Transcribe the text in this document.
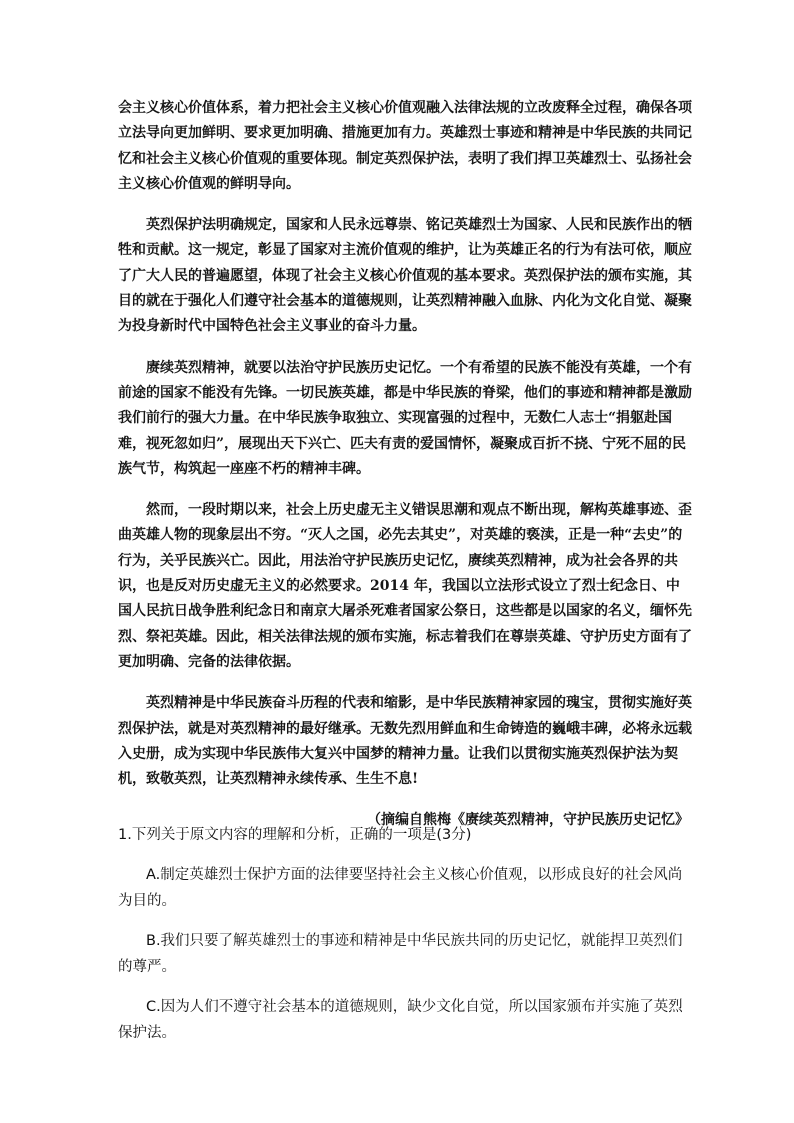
会主义核心价值体系，着力把社会主义核心价值观融入法律法规的立改废释全过程，确保各项立法导向更加鲜明、要求更加明确、措施更加有力。英雄烈士事迹和精神是中华民族的共同记忆和社会主义核心价值观的重要体现。制定英烈保护法，表明了我们捍卫英雄烈士、弘扬社会主义核心价值观的鲜明导向。

英烈保护法明确规定，国家和人民永远尊崇、铭记英雄烈士为国家、人民和民族作出的牺牲和贡献。这一规定，彰显了国家对主流价值观的维护，让为英雄正名的行为有法可依，顺应了广大人民的普遍愿望，体现了社会主义核心价值观的基本要求。英烈保护法的颁布实施，其目的就在于强化人们遵守社会基本的道德规则，让英烈精神融入血脉、内化为文化自觉、凝聚为投身新时代中国特色社会主义事业的奋斗力量。

赓续英烈精神，就要以法治守护民族历史记忆。一个有希望的民族不能没有英雄，一个有前途的国家不能没有先锋。一切民族英雄，都是中华民族的脊梁，他们的事迹和精神都是激励我们前行的强大力量。在中华民族争取独立、实现富强的过程中，无数仁人志士“捐躯赴国难，视死忽如归”，展现出天下兴亡、匹夫有责的爱国情怀，凝聚成百折不挠、宁死不屈的民族气节，构筑起一座座不朽的精神丰碑。

然而，一段时期以来，社会上历史虚无主义错误思潮和观点不断出现，解构英雄事迹、歪曲英雄人物的现象层出不穷。“灭人之国，必先去其史”，对英雄的亵渎，正是一种“去史”的行为，关乎民族兴亡。因此，用法治守护民族历史记忆，赓续英烈精神，成为社会各界的共识，也是反对历史虚无主义的必然要求。2014 年，我国以立法形式设立了烈士纪念日、中国人民抗日战争胜利纪念日和南京大屠杀死难者国家公祭日，这些都是以国家的名义，缅怀先烈、祭祀英雄。因此，相关法律法规的颁布实施，标志着我们在尊崇英雄、守护历史方面有了更加明确、完备的法律依据。

英烈精神是中华民族奋斗历程的代表和缩影，是中华民族精神家园的瑰宝，贯彻实施好英烈保护法，就是对英烈精神的最好继承。无数先烈用鲜血和生命铸造的巍峨丰碑，必将永远载入史册，成为实现中华民族伟大复兴中国梦的精神力量。让我们以贯彻实施英烈保护法为契机，致敬英烈，让英烈精神永续传承、生生不息!

（摘编自熊梅《赓续英烈精神，守护民族历史记忆》

1.下列关于原文内容的理解和分析，正确的一项是(3分)

A.制定英雄烈士保护方面的法律要坚持社会主义核心价值观，以形成良好的社会风尚为目的。

B.我们只要了解英雄烈士的事迹和精神是中华民族共同的历史记忆，就能捍卫英烈们的尊严。

C.因为人们不遵守社会基本的道德规则，缺少文化自觉，所以国家颁布并实施了英烈保护法。
